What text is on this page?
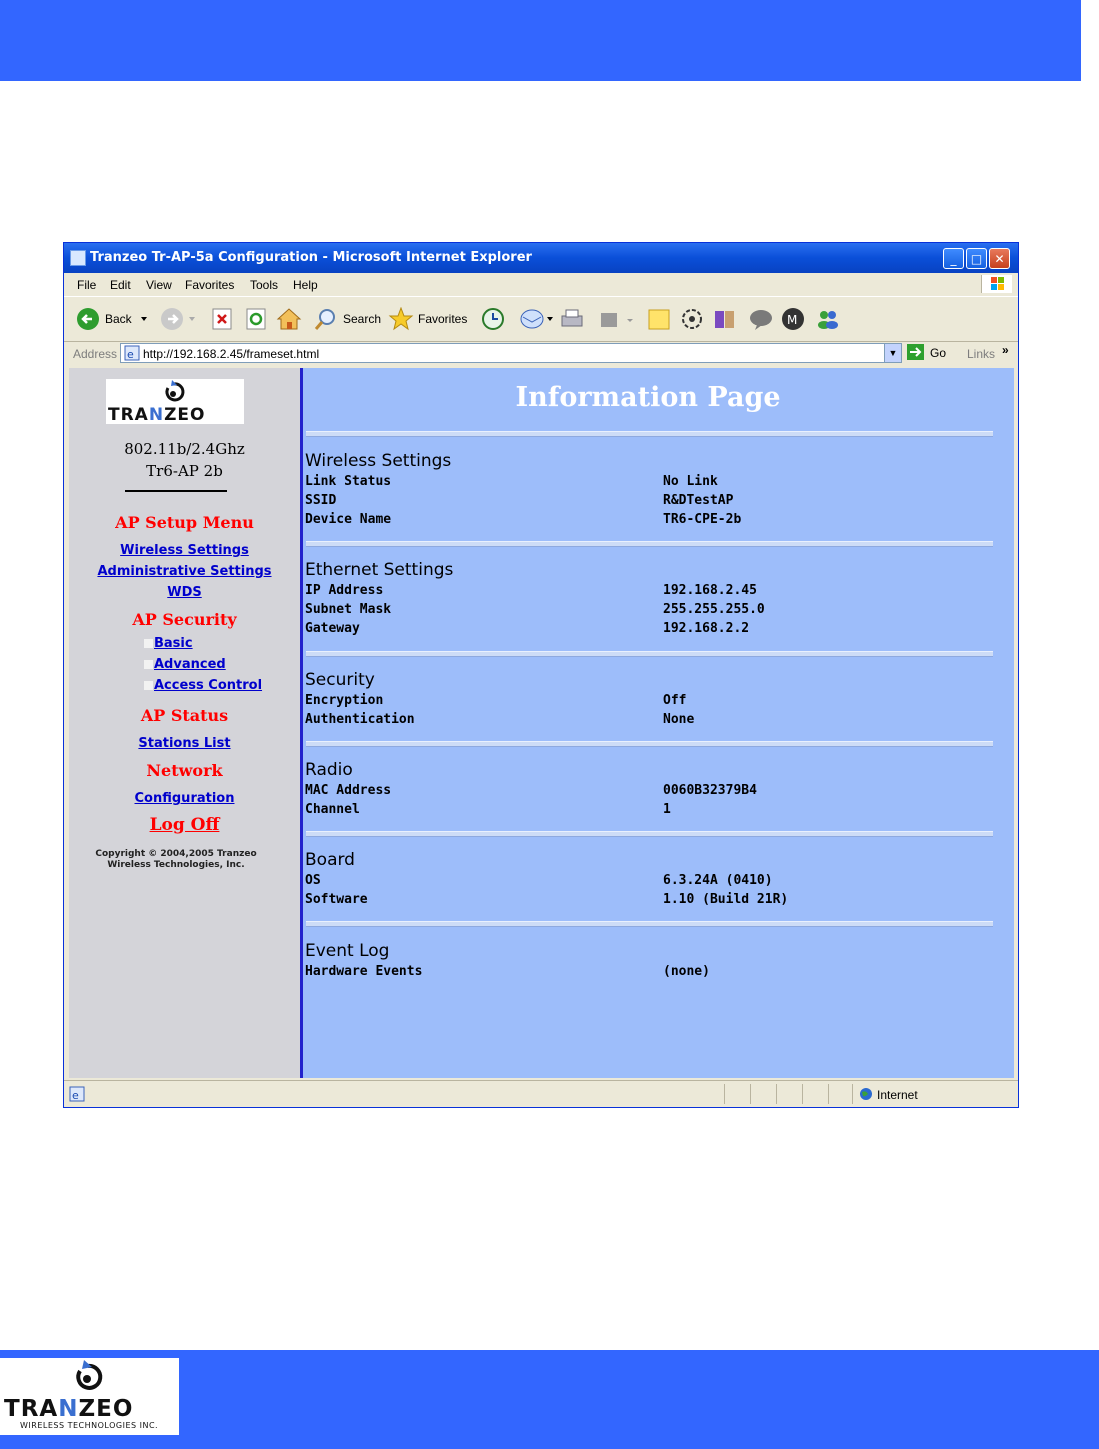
Tranzeo Tr-AP-5a Configuration - Microsoft Internet Explorer	_	□	✕
File Edit View Favorites Tools Help
Back	Search	Favorites	M
Address e http://192.168.2.45/frameset.html	▼	Go Links »
TRANZEO
802.11b/2.4Ghz
Tr6-AP 2b
AP Setup Menu
Wireless Settings
Administrative Settings
WDS
AP Security
Basic
Advanced
Access Control
AP Status
Stations List
Network
Configuration
Log Off
Copyright © 2004,2005 Tranzeo Wireless Technologies, Inc.
Information Page
Wireless Settings
Link Status	No Link
SSID	R&DTestAP
Device Name	TR6-CPE-2b
Ethernet Settings
IP Address	192.168.2.45
Subnet Mask	255.255.255.0
Gateway	192.168.2.2
Security
Encryption	Off
Authentication	None
Radio
MAC Address	0060B32379B4
Channel	1
Board
OS	6.3.24A (0410)
Software	1.10 (Build 21R)
Event Log
Hardware Events	(none)
e	Internet
TRANZEO
WIRELESS TECHNOLOGIES INC.
